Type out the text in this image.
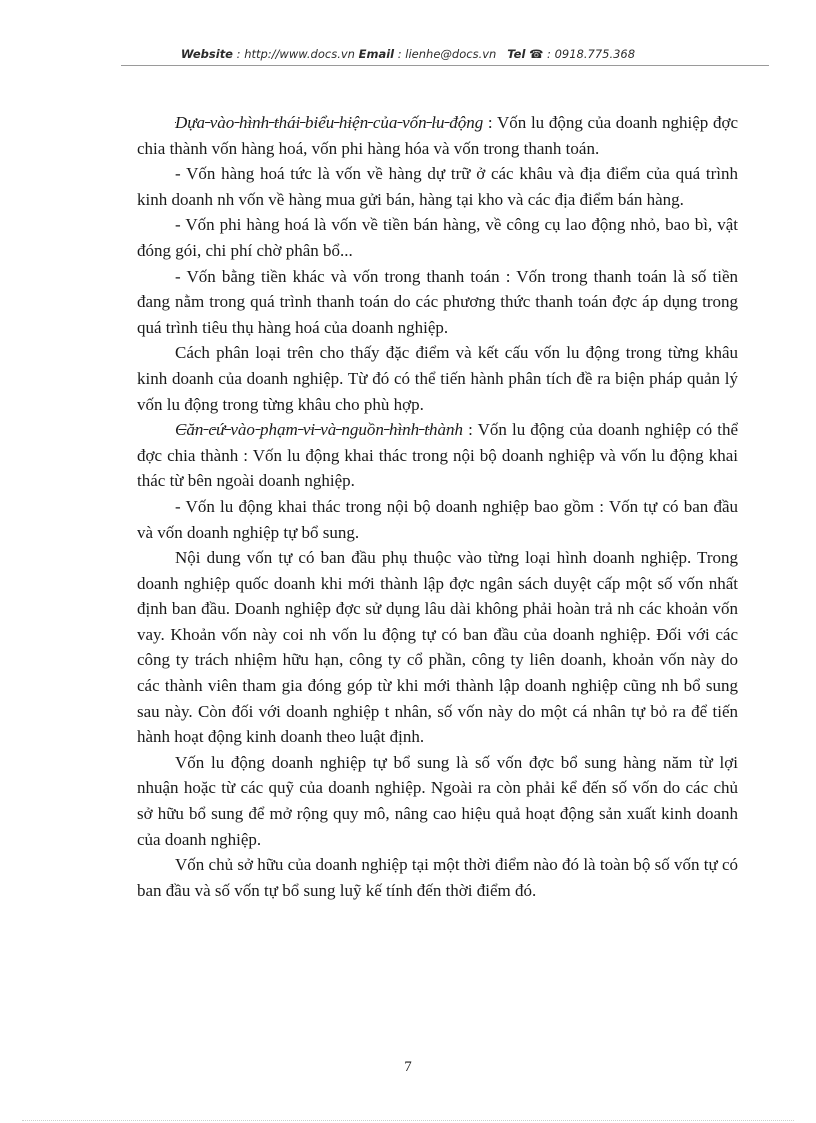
Website : http://www.docs.vn Email : lienhe@docs.vn Tel ☎ : 0918.775.368

Dựa vào hình thái biểu hiện của vốn lu động : Vốn lu động của doanh nghiệp đợc chia thành vốn hàng hoá, vốn phi hàng hóa và vốn trong thanh toán.

- Vốn hàng hoá tức là vốn về hàng dự trữ ở các khâu và địa điểm của quá trình kinh doanh nh vốn về hàng mua gửi bán, hàng tại kho và các địa điểm bán hàng.

- Vốn phi hàng hoá là vốn về tiền bán hàng, về công cụ lao động nhỏ, bao bì, vật đóng gói, chi phí chờ phân bổ...

- Vốn bằng tiền khác và vốn trong thanh toán : Vốn trong thanh toán là số tiền đang nằm trong quá trình thanh toán do các phương thức thanh toán đợc áp dụng trong quá trình tiêu thụ hàng hoá của doanh nghiệp.

Cách phân loại trên cho thấy đặc điểm và kết cấu vốn lu động trong từng khâu kinh doanh của doanh nghiệp. Từ đó có thể tiến hành phân tích đề ra biện pháp quản lý vốn lu động trong từng khâu cho phù hợp.

Căn cứ vào phạm vi và nguồn hình thành : Vốn lu động của doanh nghiệp có thể đợc chia thành : Vốn lu động khai thác trong nội bộ doanh nghiệp và vốn lu động khai thác từ bên ngoài doanh nghiệp.

- Vốn lu động khai thác trong nội bộ doanh nghiệp bao gồm : Vốn tự có ban đầu và vốn doanh nghiệp tự bổ sung.

Nội dung vốn tự có ban đầu phụ thuộc vào từng loại hình doanh nghiệp. Trong doanh nghiệp quốc doanh khi mới thành lập đợc ngân sách duyệt cấp một số vốn nhất định ban đầu. Doanh nghiệp đợc sử dụng lâu dài không phải hoàn trả nh các khoản vốn vay. Khoản vốn này coi nh vốn lu động tự có ban đầu của doanh nghiệp. Đối với các công ty trách nhiệm hữu hạn, công ty cổ phần, công ty liên doanh, khoản vốn này do các thành viên tham gia đóng góp từ khi mới thành lập doanh nghiệp cũng nh bổ sung sau này. Còn đối với doanh nghiệp t nhân, số vốn này do một cá nhân tự bỏ ra để tiến hành hoạt động kinh doanh theo luật định.

Vốn lu động doanh nghiệp tự bổ sung là số vốn đợc bổ sung hàng năm từ lợi nhuận hoặc từ các quỹ của doanh nghiệp. Ngoài ra còn phải kể đến số vốn do các chủ sở hữu bổ sung để mở rộng quy mô, nâng cao hiệu quả hoạt động sản xuất kinh doanh của doanh nghiệp.

Vốn chủ sở hữu của doanh nghiệp tại một thời điểm nào đó là toàn bộ số vốn tự có ban đầu và số vốn tự bổ sung luỹ kế tính đến thời điểm đó.

7
